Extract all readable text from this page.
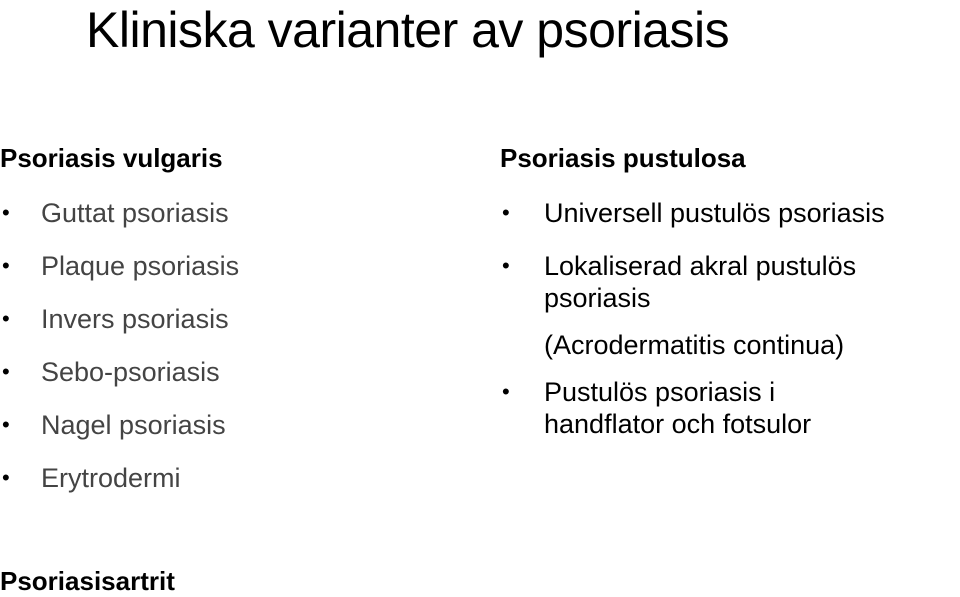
Kliniska varianter av psoriasis
Psoriasis vulgaris
• Guttat psoriasis
• Plaque psoriasis
• Invers psoriasis
• Sebo-psoriasis
• Nagel psoriasis
• Erytrodermi
Psoriasis pustulosa
• Universell pustulös psoriasis
• Lokaliserad akral pustulös
psoriasis
(Acrodermatitis continua)
• Pustulös psoriasis i
handflator och fotsulor
Psoriasisartrit
